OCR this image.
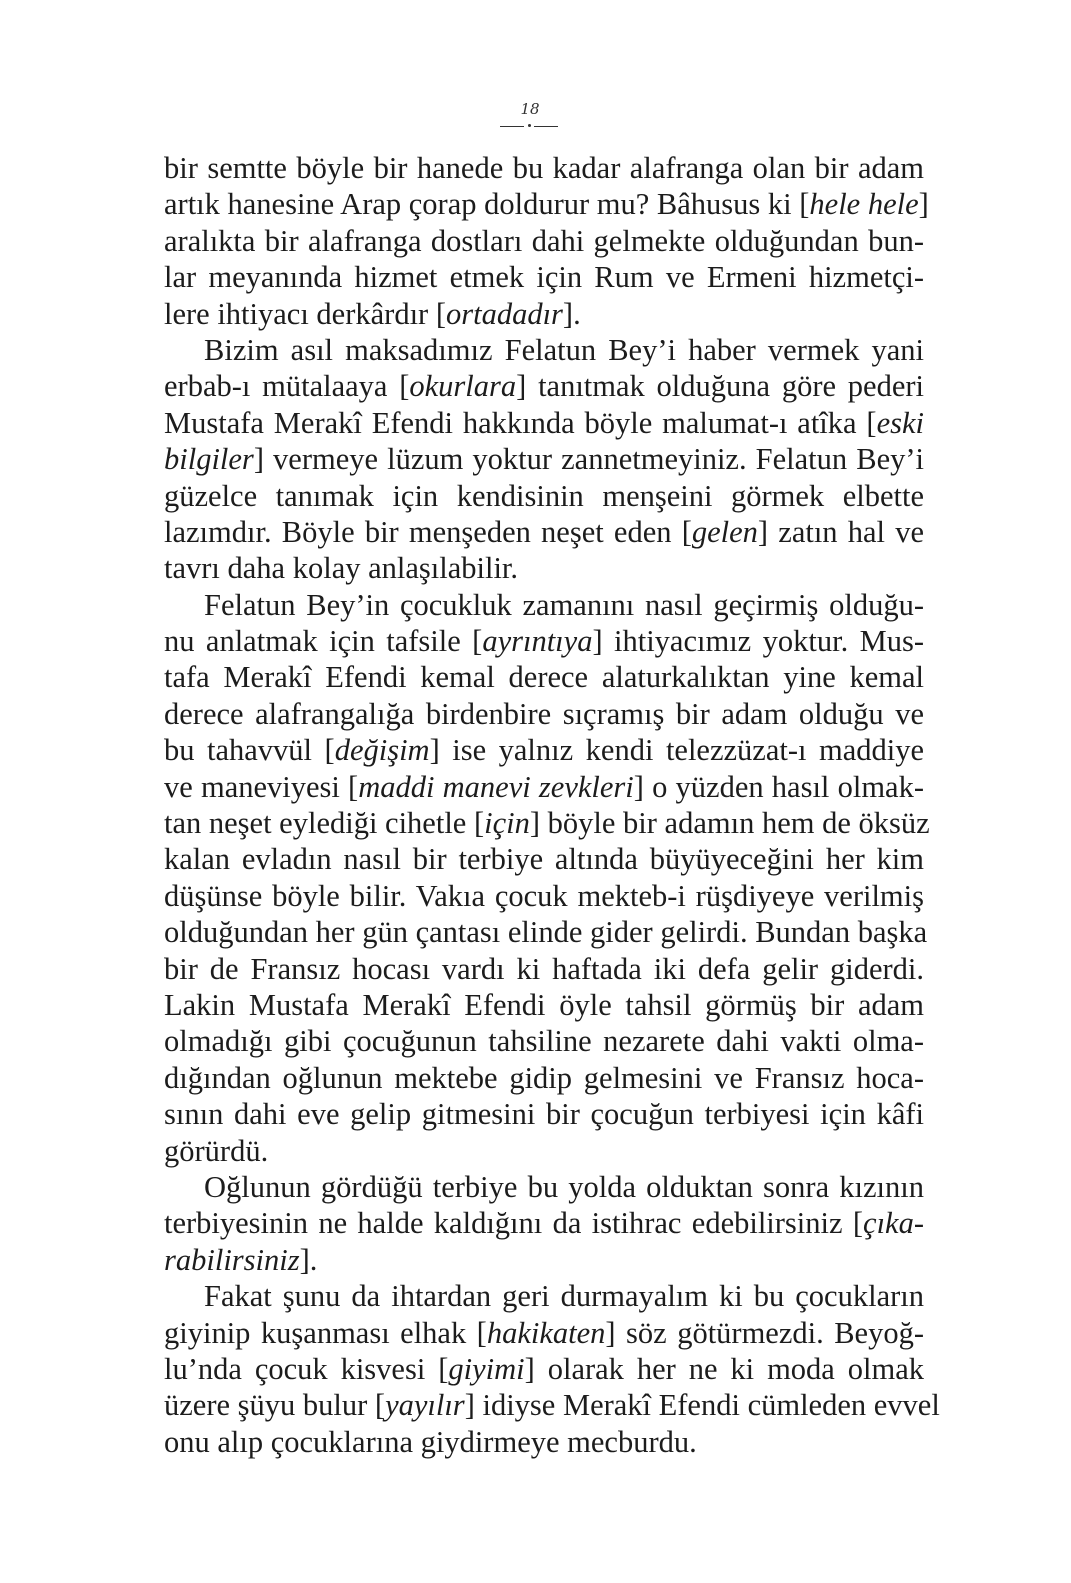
18
bir semtte böyle bir hanede bu kadar alafranga olan bir adam
artık hanesine Arap çorap doldurur mu? Bâhusus ki [hele hele]
aralıkta bir alafranga dostları dahi gelmekte olduğundan bun-
lar meyanında hizmet etmek için Rum ve Ermeni hizmetçi-
lere ihtiyacı derkârdır [ortadadır].
Bizim asıl maksadımız Felatun Bey’i haber vermek yani
erbab-ı mütalaaya [okurlara] tanıtmak olduğuna göre pederi
Mustafa Merakî Efendi hakkında böyle malumat-ı atîka [eski
bilgiler] vermeye lüzum yoktur zannetmeyiniz. Felatun Bey’i
güzelce tanımak için kendisinin menşeini görmek elbette
lazımdır. Böyle bir menşeden neşet eden [gelen] zatın hal ve
tavrı daha kolay anlaşılabilir.
Felatun Bey’in çocukluk zamanını nasıl geçirmiş olduğu-
nu anlatmak için tafsile [ayrıntıya] ihtiyacımız yoktur. Mus-
tafa Merakî Efendi kemal derece alaturkalıktan yine kemal
derece alafrangalığa birdenbire sıçramış bir adam olduğu ve
bu tahavvül [değişim] ise yalnız kendi telezzüzat-ı maddiye
ve maneviyesi [maddi manevi zevkleri] o yüzden hasıl olmak-
tan neşet eylediği cihetle [için] böyle bir adamın hem de öksüz
kalan evladın nasıl bir terbiye altında büyüyeceğini her kim
düşünse böyle bilir. Vakıa çocuk mekteb-i rüşdiyeye verilmiş
olduğundan her gün çantası elinde gider gelirdi. Bundan başka
bir de Fransız hocası vardı ki haftada iki defa gelir giderdi.
Lakin Mustafa Merakî Efendi öyle tahsil görmüş bir adam
olmadığı gibi çocuğunun tahsiline nezarete dahi vakti olma-
dığından oğlunun mektebe gidip gelmesini ve Fransız hoca-
sının dahi eve gelip gitmesini bir çocuğun terbiyesi için kâfi
görürdü.
Oğlunun gördüğü terbiye bu yolda olduktan sonra kızının
terbiyesinin ne halde kaldığını da istihrac edebilirsiniz [çıka-
rabilirsiniz].
Fakat şunu da ihtardan geri durmayalım ki bu çocukların
giyinip kuşanması elhak [hakikaten] söz götürmezdi. Beyoğ-
lu’nda çocuk kisvesi [giyimi] olarak her ne ki moda olmak
üzere şüyu bulur [yayılır] idiyse Merakî Efendi cümleden evvel
onu alıp çocuklarına giydirmeye mecburdu.
